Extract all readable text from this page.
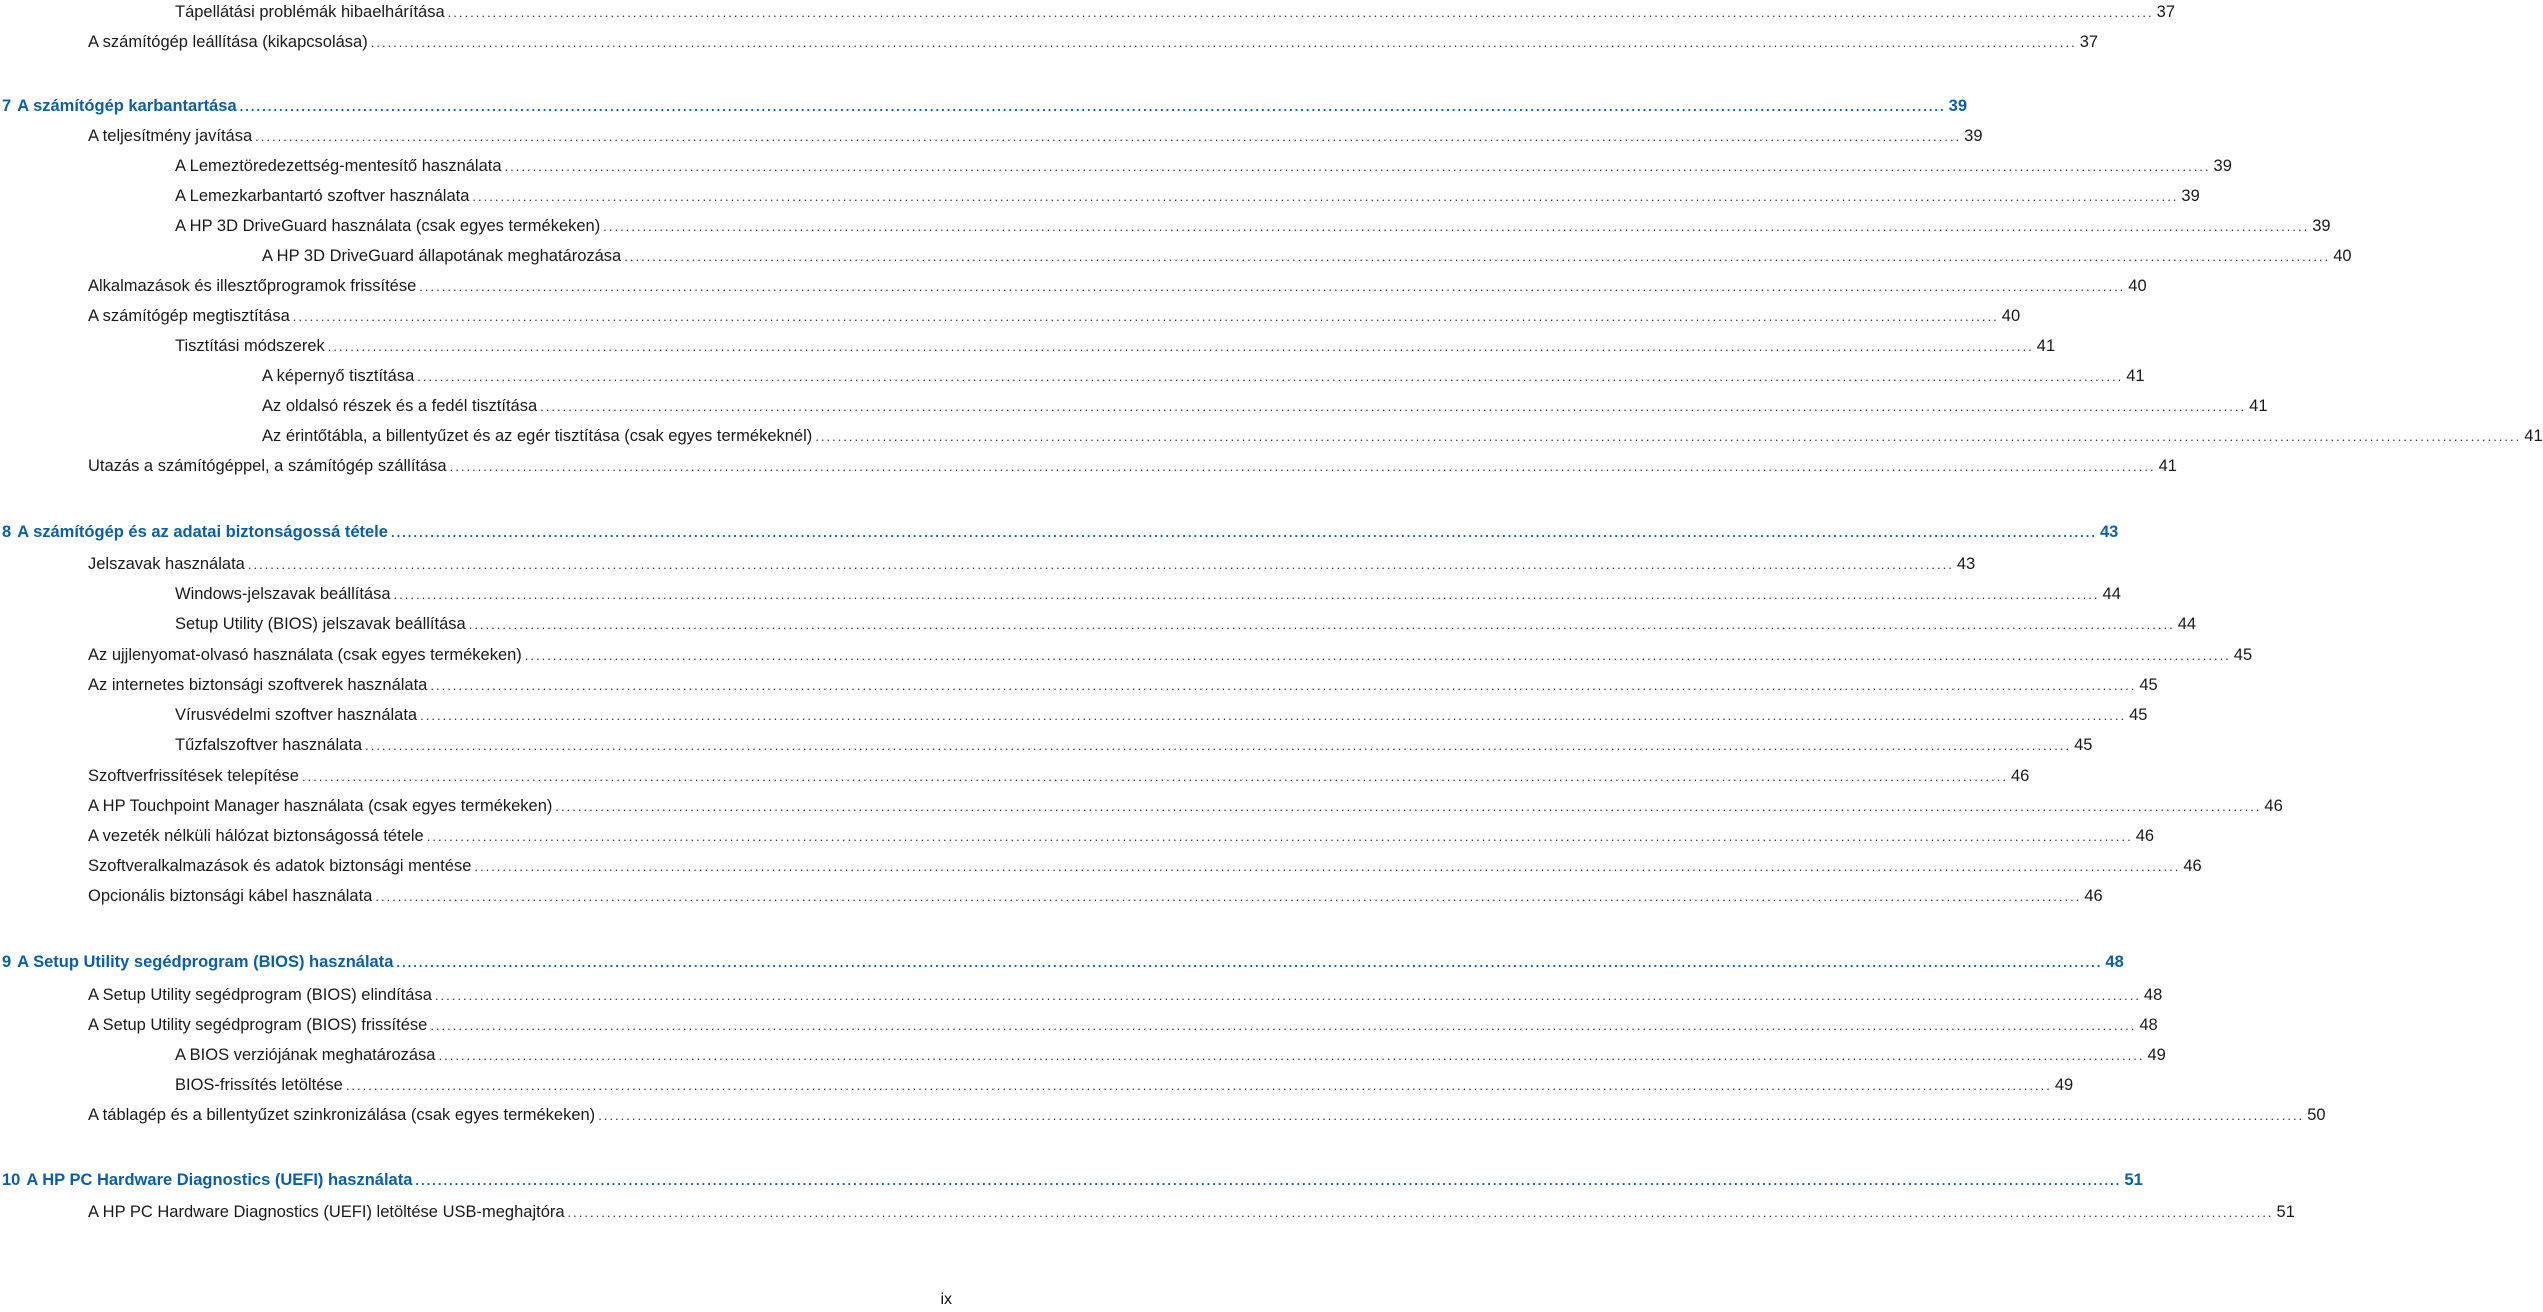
Tápellátási problémák hibaelhárítása .....	37
A számítógép leállítása (kikapcsolása) .....	37
7 A számítógép karbantartása .....	39
A teljesítmény javítása .....	39
A Lemeztöredezettség-mentesítő használata .....	39
A Lemezkarbantartó szoftver használata .....	39
A HP 3D DriveGuard használata (csak egyes termékeken) .....	39
A HP 3D DriveGuard állapotának meghatározása .....	40
Alkalmazások és illesztőprogramok frissítése .....	40
A számítógép megtisztítása .....	40
Tisztítási módszerek .....	41
A képernyő tisztítása .....	41
Az oldalsó részek és a fedél tisztítása .....	41
Az érintőtábla, a billentyűzet és az egér tisztítása (csak egyes termékeknél) .....	41
Utazás a számítógéppel, a számítógép szállítása .....	41
8 A számítógép és az adatai biztonságossá tétele .....	43
Jelszavak használata .....	43
Windows-jelszavak beállítása .....	44
Setup Utility (BIOS) jelszavak beállítása .....	44
Az ujjlenyomat-olvasó használata (csak egyes termékeken) .....	45
Az internetes biztonsági szoftverek használata .....	45
Vírusvédelmi szoftver használata .....	45
Tűzfalszoftver használata .....	45
Szoftverfrissítések telepítése .....	46
A HP Touchpoint Manager használata (csak egyes termékeken) .....	46
A vezeték nélküli hálózat biztonságossá tétele .....	46
Szoftveralkalmazások és adatok biztonsági mentése .....	46
Opcionális biztonsági kábel használata .....	46
9 A Setup Utility segédprogram (BIOS) használata .....	48
A Setup Utility segédprogram (BIOS) elindítása .....	48
A Setup Utility segédprogram (BIOS) frissítése .....	48
A BIOS verziójának meghatározása .....	49
BIOS-frissítés letöltése .....	49
A táblagép és a billentyűzet szinkronizálása (csak egyes termékeken) .....	50
10 A HP PC Hardware Diagnostics (UEFI) használata .....	51
A HP PC Hardware Diagnostics (UEFI) letöltése USB-meghajtóra .....	51
ix
